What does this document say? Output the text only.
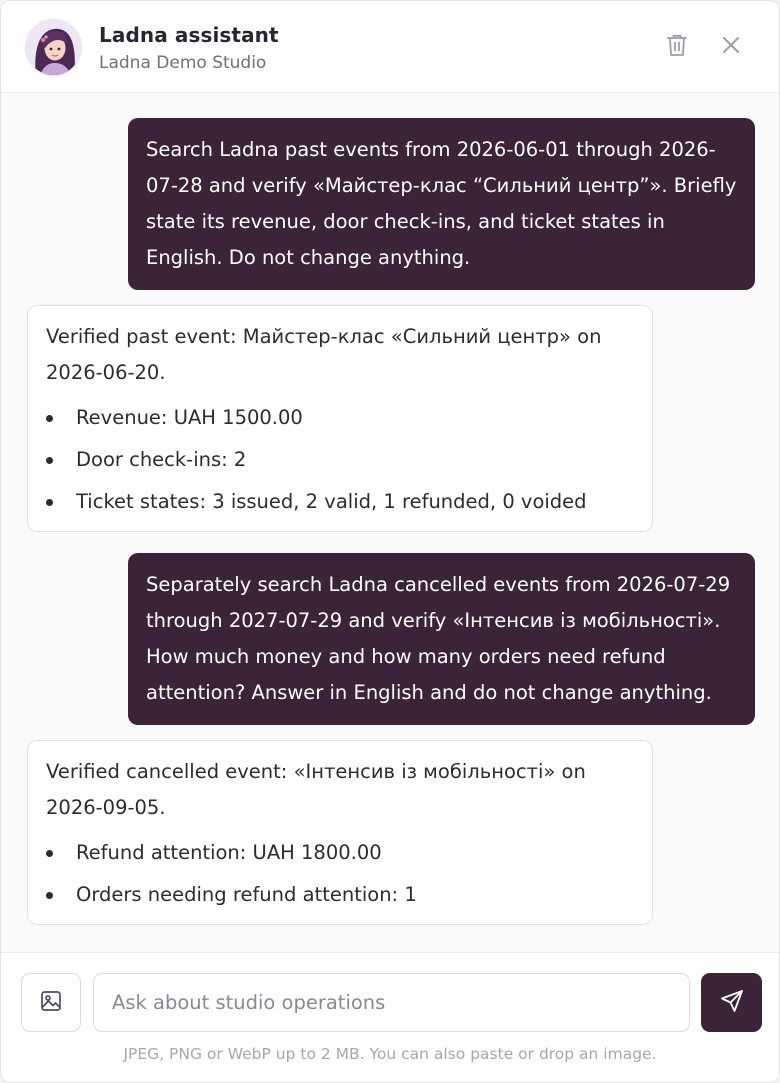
Ladna assistant
Ladna Demo Studio
Search Ladna past events from 2026-06-01 through 2026-07-28 and verify «Майстер-клас “Сильний центр”». Briefly state its revenue, door check-ins, and ticket states in English. Do not change anything.
Verified past event: Майстер-клас «Сильний центр» on 2026-06-20.
Revenue: UAH 1500.00
Door check-ins: 2
Ticket states: 3 issued, 2 valid, 1 refunded, 0 voided
Separately search Ladna cancelled events from 2026-07-29 through 2027-07-29 and verify «Інтенсив із мобільності». How much money and how many orders need refund attention? Answer in English and do not change anything.
Verified cancelled event: «Інтенсив із мобільності» on 2026-09-05.
Refund attention: UAH 1800.00
Orders needing refund attention: 1
Ask about studio operations
JPEG, PNG or WebP up to 2 MB. You can also paste or drop an image.
